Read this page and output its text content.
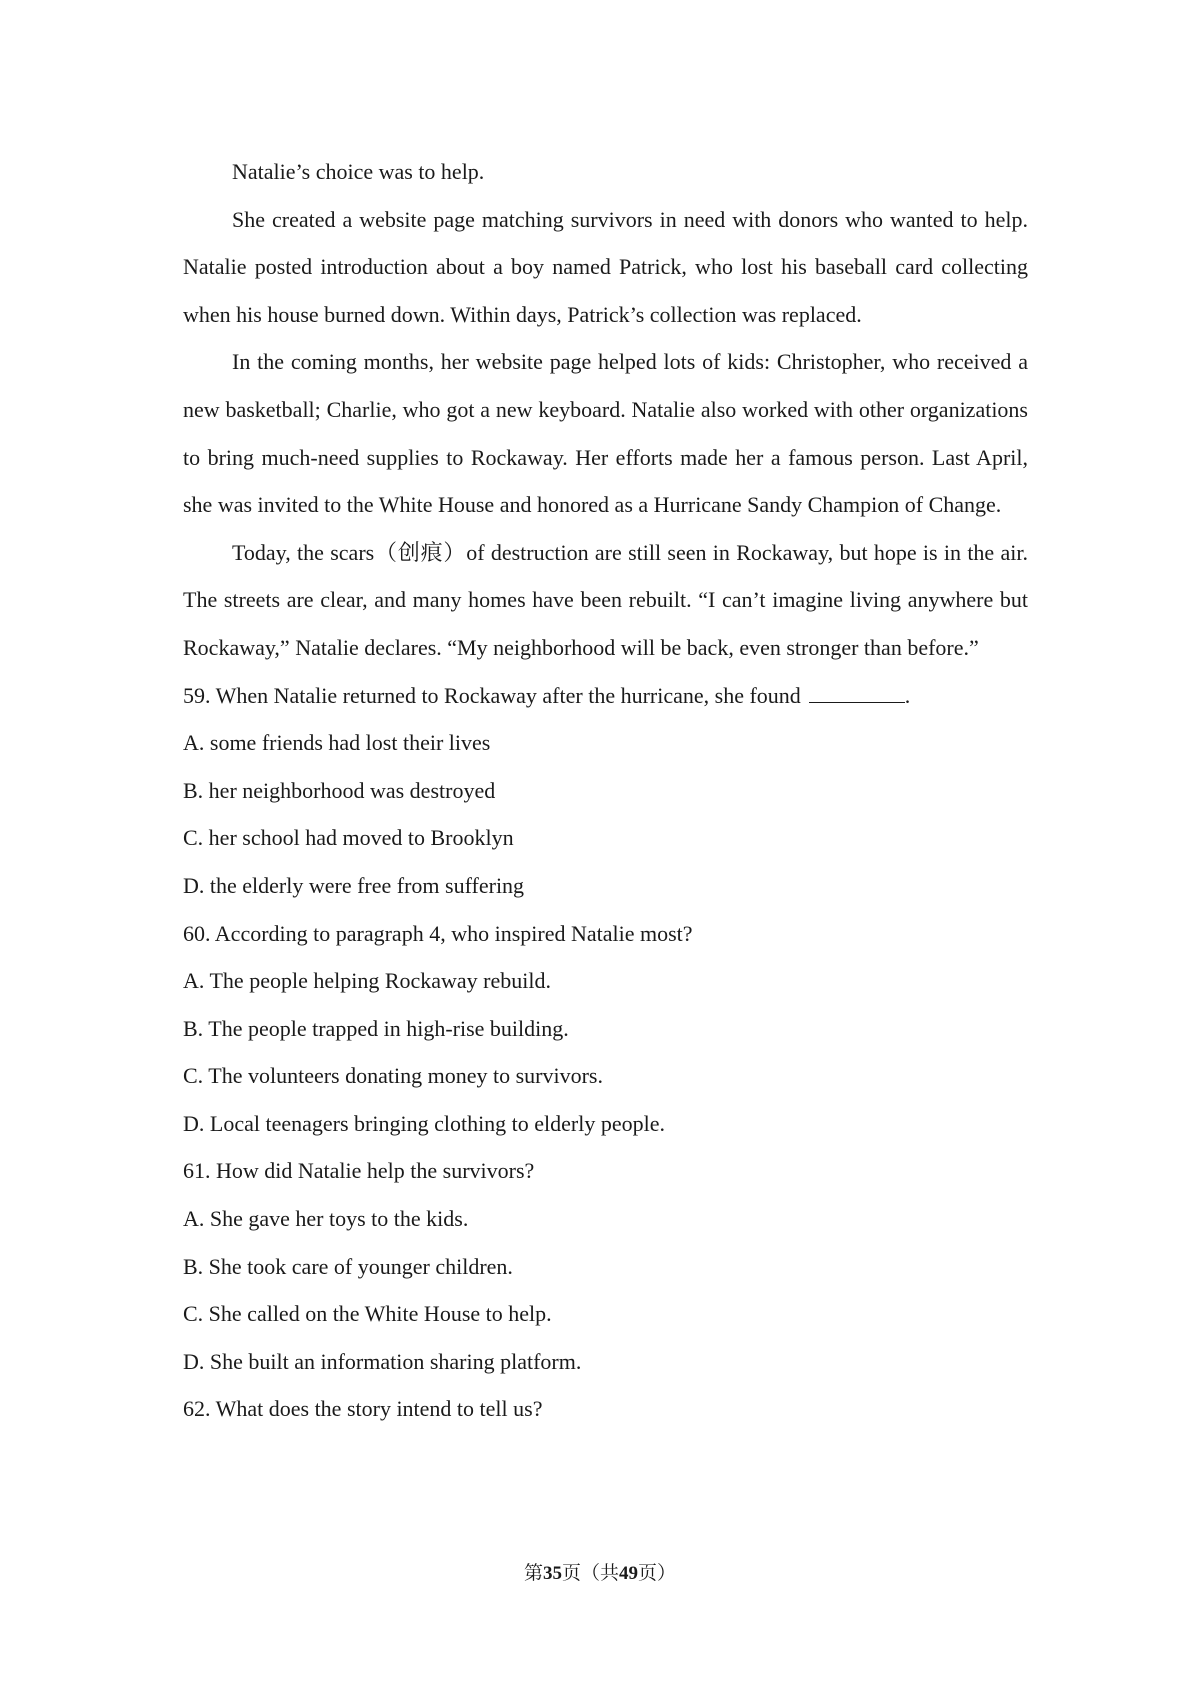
Natalie’s choice was to help.

She created a website page matching survivors in need with donors who wanted to help. Natalie posted introduction about a boy named Patrick, who lost his baseball card collecting when his house burned down. Within days, Patrick’s collection was replaced.

In the coming months, her website page helped lots of kids: Christopher, who received a new basketball; Charlie, who got a new keyboard. Natalie also worked with other organizations to bring much-need supplies to Rockaway. Her efforts made her a famous person. Last April, she was invited to the White House and honored as a Hurricane Sandy Champion of Change.

Today, the scars（创痕）of destruction are still seen in Rockaway, but hope is in the air. The streets are clear, and many homes have been rebuilt. “I can’t imagine living anywhere but Rockaway,” Natalie declares. “My neighborhood will be back, even stronger than before.”

59. When Natalie returned to Rockaway after the hurricane, she found	.

A. some friends had lost their lives

B. her neighborhood was destroyed

C. her school had moved to Brooklyn

D. the elderly were free from suffering

60. According to paragraph 4, who inspired Natalie most?

A. The people helping Rockaway rebuild.

B. The people trapped in high-rise building.

C. The volunteers donating money to survivors.

D. Local teenagers bringing clothing to elderly people.

61. How did Natalie help the survivors?

A. She gave her toys to the kids.

B. She took care of younger children.

C. She called on the White House to help.

D. She built an information sharing platform.

62. What does the story intend to tell us?

第35页（共49页）
